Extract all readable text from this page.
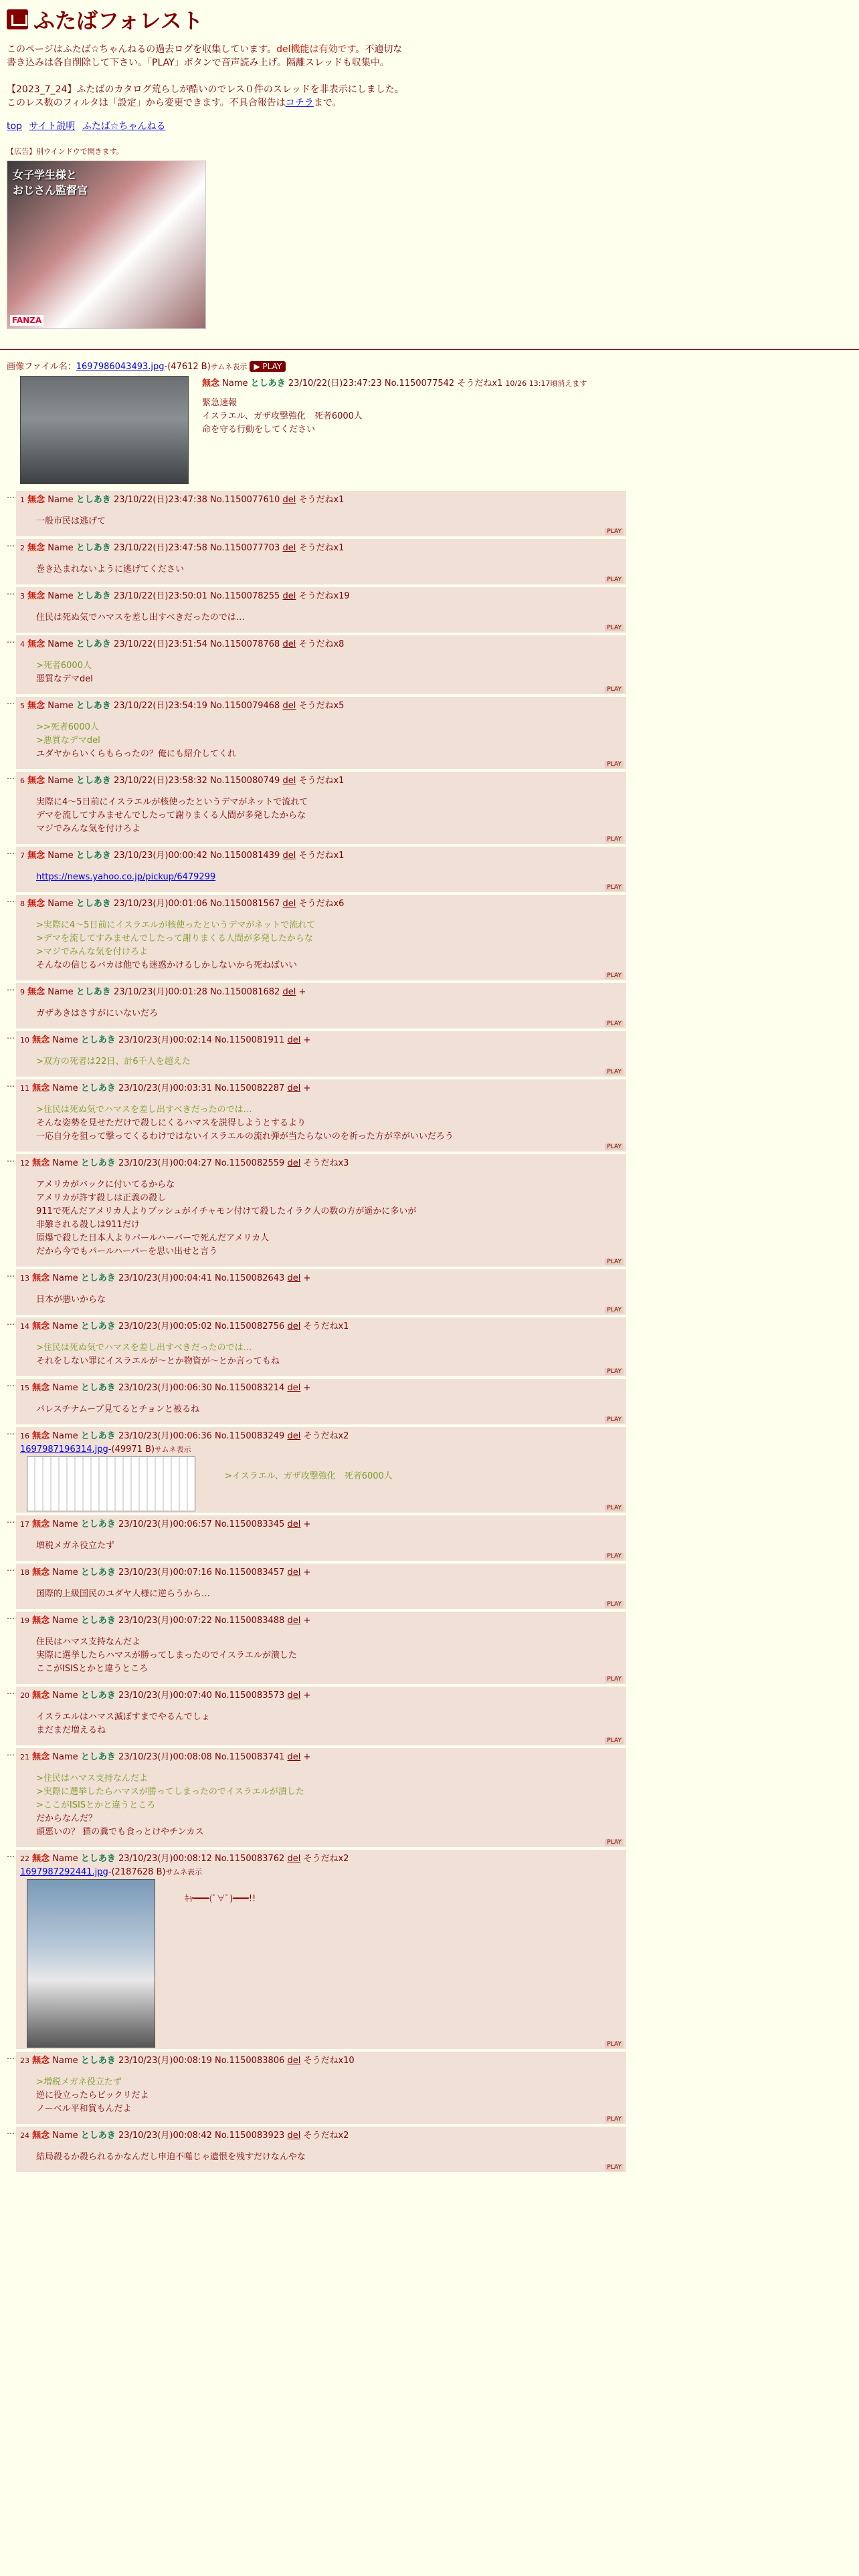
ふたばフォレスト
このページはふたば☆ちゃんねるの過去ログを収集しています。del機能は有効です。不適切な書き込みは各自削除して下さい。「PLAY」ボタンで音声読み上げ。隔離スレッドも収集中。

【2023_7_24】ふたばのカタログ荒らしが酷いのでレス０件のスレッドを非表示にしました。このレス数のフィルタは「設定」から変更できます。不具合報告はコチラまで。
top サイト説明 ふたば☆ちゃんねる
【広告】別ウインドウで開きます。
女子学生様と
おじさん監督官
FANZA
画像ファイル名：1697986043493.jpg-(47612 B)サムネ表示 ▶ PLAY
無念 Name としあき 23/10/22(日)23:47:23 No.1150077542 そうだねx1 10/26 13:17頃消えます
緊急速報
イスラエル、ガザ攻撃強化　死者6000人
命を守る行動をしてください
… 1 無念 Name としあき 23/10/22(日)23:47:38 No.1150077610 del そうだねx1
一般市民は逃げて
PLAY
… 2 無念 Name としあき 23/10/22(日)23:47:58 No.1150077703 del そうだねx1
巻き込まれないように逃げてください
PLAY
… 3 無念 Name としあき 23/10/22(日)23:50:01 No.1150078255 del そうだねx19
住民は死ぬ気でハマスを差し出すべきだったのでは…
PLAY
… 4 無念 Name としあき 23/10/22(日)23:51:54 No.1150078768 del そうだねx8
>死者6000人
悪質なデマdel
PLAY
… 5 無念 Name としあき 23/10/22(日)23:54:19 No.1150079468 del そうだねx5
>>死者6000人
>悪質なデマdel
ユダヤからいくらもらったの？俺にも紹介してくれ
PLAY
… 6 無念 Name としあき 23/10/22(日)23:58:32 No.1150080749 del そうだねx1
実際に4〜5日前にイスラエルが核使ったというデマがネットで流れて
デマを流してすみませんでしたって謝りまくる人間が多発したからな
マジでみんな気を付けろよ
PLAY
… 7 無念 Name としあき 23/10/23(月)00:00:42 No.1150081439 del そうだねx1
https://news.yahoo.co.jp/pickup/6479299
PLAY
… 8 無念 Name としあき 23/10/23(月)00:01:06 No.1150081567 del そうだねx6
>実際に4〜5日前にイスラエルが核使ったというデマがネットで流れて
>デマを流してすみませんでしたって謝りまくる人間が多発したからな
>マジでみんな気を付けろよ
そんなの信じるバカは他でも迷惑かけるしかしないから死ねばいい
PLAY
… 9 無念 Name としあき 23/10/23(月)00:01:28 No.1150081682 del +
ガザあきはさすがにいないだろ
PLAY
… 10 無念 Name としあき 23/10/23(月)00:02:14 No.1150081911 del +
>双方の死者は22日、計6千人を超えた
PLAY
… 11 無念 Name としあき 23/10/23(月)00:03:31 No.1150082287 del +
>住民は死ぬ気でハマスを差し出すべきだったのでは…
そんな姿勢を見せただけで殺しにくるハマスを説得しようとするより
一応自分を狙って撃ってくるわけではないイスラエルの流れ弾が当たらないのを祈った方が幸がいいだろう
PLAY
… 12 無念 Name としあき 23/10/23(月)00:04:27 No.1150082559 del そうだねx3
アメリカがバックに付いてるからな
アメリカが許す殺しは正義の殺し
911で死んだアメリカ人よりブッシュがイチャモン付けて殺したイラク人の数の方が遥かに多いが
非難される殺しは911だけ
原爆で殺した日本人よりパールハーバーで死んだアメリカ人
だから今でもパールハーバーを思い出せと言う
PLAY
… 13 無念 Name としあき 23/10/23(月)00:04:41 No.1150082643 del +
日本が悪いからな
PLAY
… 14 無念 Name としあき 23/10/23(月)00:05:02 No.1150082756 del そうだねx1
>住民は死ぬ気でハマスを差し出すべきだったのでは…
それをしない罪にイスラエルが〜とか物資が〜とか言ってもね
PLAY
… 15 無念 Name としあき 23/10/23(月)00:06:30 No.1150083214 del +
パレスチナムーブ見てるとチョンと被るね
PLAY
… 16 無念 Name としあき 23/10/23(月)00:06:36 No.1150083249 del そうだねx2
1697987196314.jpg-(49971 B)サムネ表示
>イスラエル、ガザ攻撃強化　死者6000人
PLAY
… 17 無念 Name としあき 23/10/23(月)00:06:57 No.1150083345 del +
増税メガネ役立たず
PLAY
… 18 無念 Name としあき 23/10/23(月)00:07:16 No.1150083457 del +
国際的上級国民のユダヤ人様に逆らうから…
PLAY
… 19 無念 Name としあき 23/10/23(月)00:07:22 No.1150083488 del +
住民はハマス支持なんだよ
実際に選挙したらハマスが勝ってしまったのでイスラエルが潰した
ここがISISとかと違うところ
PLAY
… 20 無念 Name としあき 23/10/23(月)00:07:40 No.1150083573 del +
イスラエルはハマス滅ぼすまでやるんでしょ
まだまだ増えるね
PLAY
… 21 無念 Name としあき 23/10/23(月)00:08:08 No.1150083741 del +
>住民はハマス支持なんだよ
>実際に選挙したらハマスが勝ってしまったのでイスラエルが潰した
>ここがISISとかと違うところ
だからなんだ？
頭悪いの？ 猫の糞でも食っとけやチンカス
PLAY
… 22 無念 Name としあき 23/10/23(月)00:08:12 No.1150083762 del そうだねx2
1697987292441.jpg-(2187628 B)サムネ表示
ｷｬ━━━(ﾟ∀ﾟ)━━━!!
PLAY
… 23 無念 Name としあき 23/10/23(月)00:08:19 No.1150083806 del そうだねx10
>増税メガネ役立たず
逆に役立ったらビックリだよ
ノーベル平和賞もんだよ
PLAY
… 24 無念 Name としあき 23/10/23(月)00:08:42 No.1150083923 del そうだねx2
結局殺るか殺られるかなんだし申迫不噬じゃ遺恨を残すだけなんやな
PLAY
